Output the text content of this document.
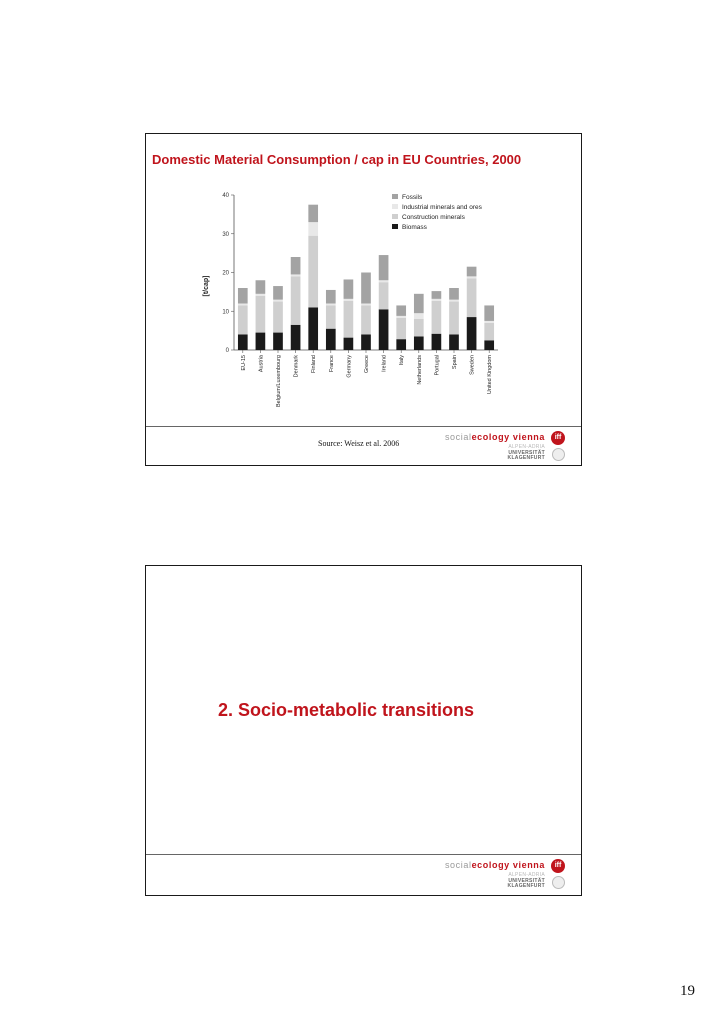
Domestic Material Consumption / cap in EU Countries, 2000
0
10
20
30
40
EU-15 Austria Belgium/Luxembourg Denmark Finland France Germany Greece Ireland Italy Netherlands Portugal Spain Sweden United Kingdom
Fossils
Industrial minerals and ores
Construction minerals
Biomass
[t/cap]
Source: Weisz et al. 2006
socialecology vienna	iff
ALPEN-ADRIA
UNIVERSITÄT
KLAGENFURT
2. Socio-metabolic transitions
socialecology vienna	iff
ALPEN-ADRIA
UNIVERSITÄT
KLAGENFURT
19
